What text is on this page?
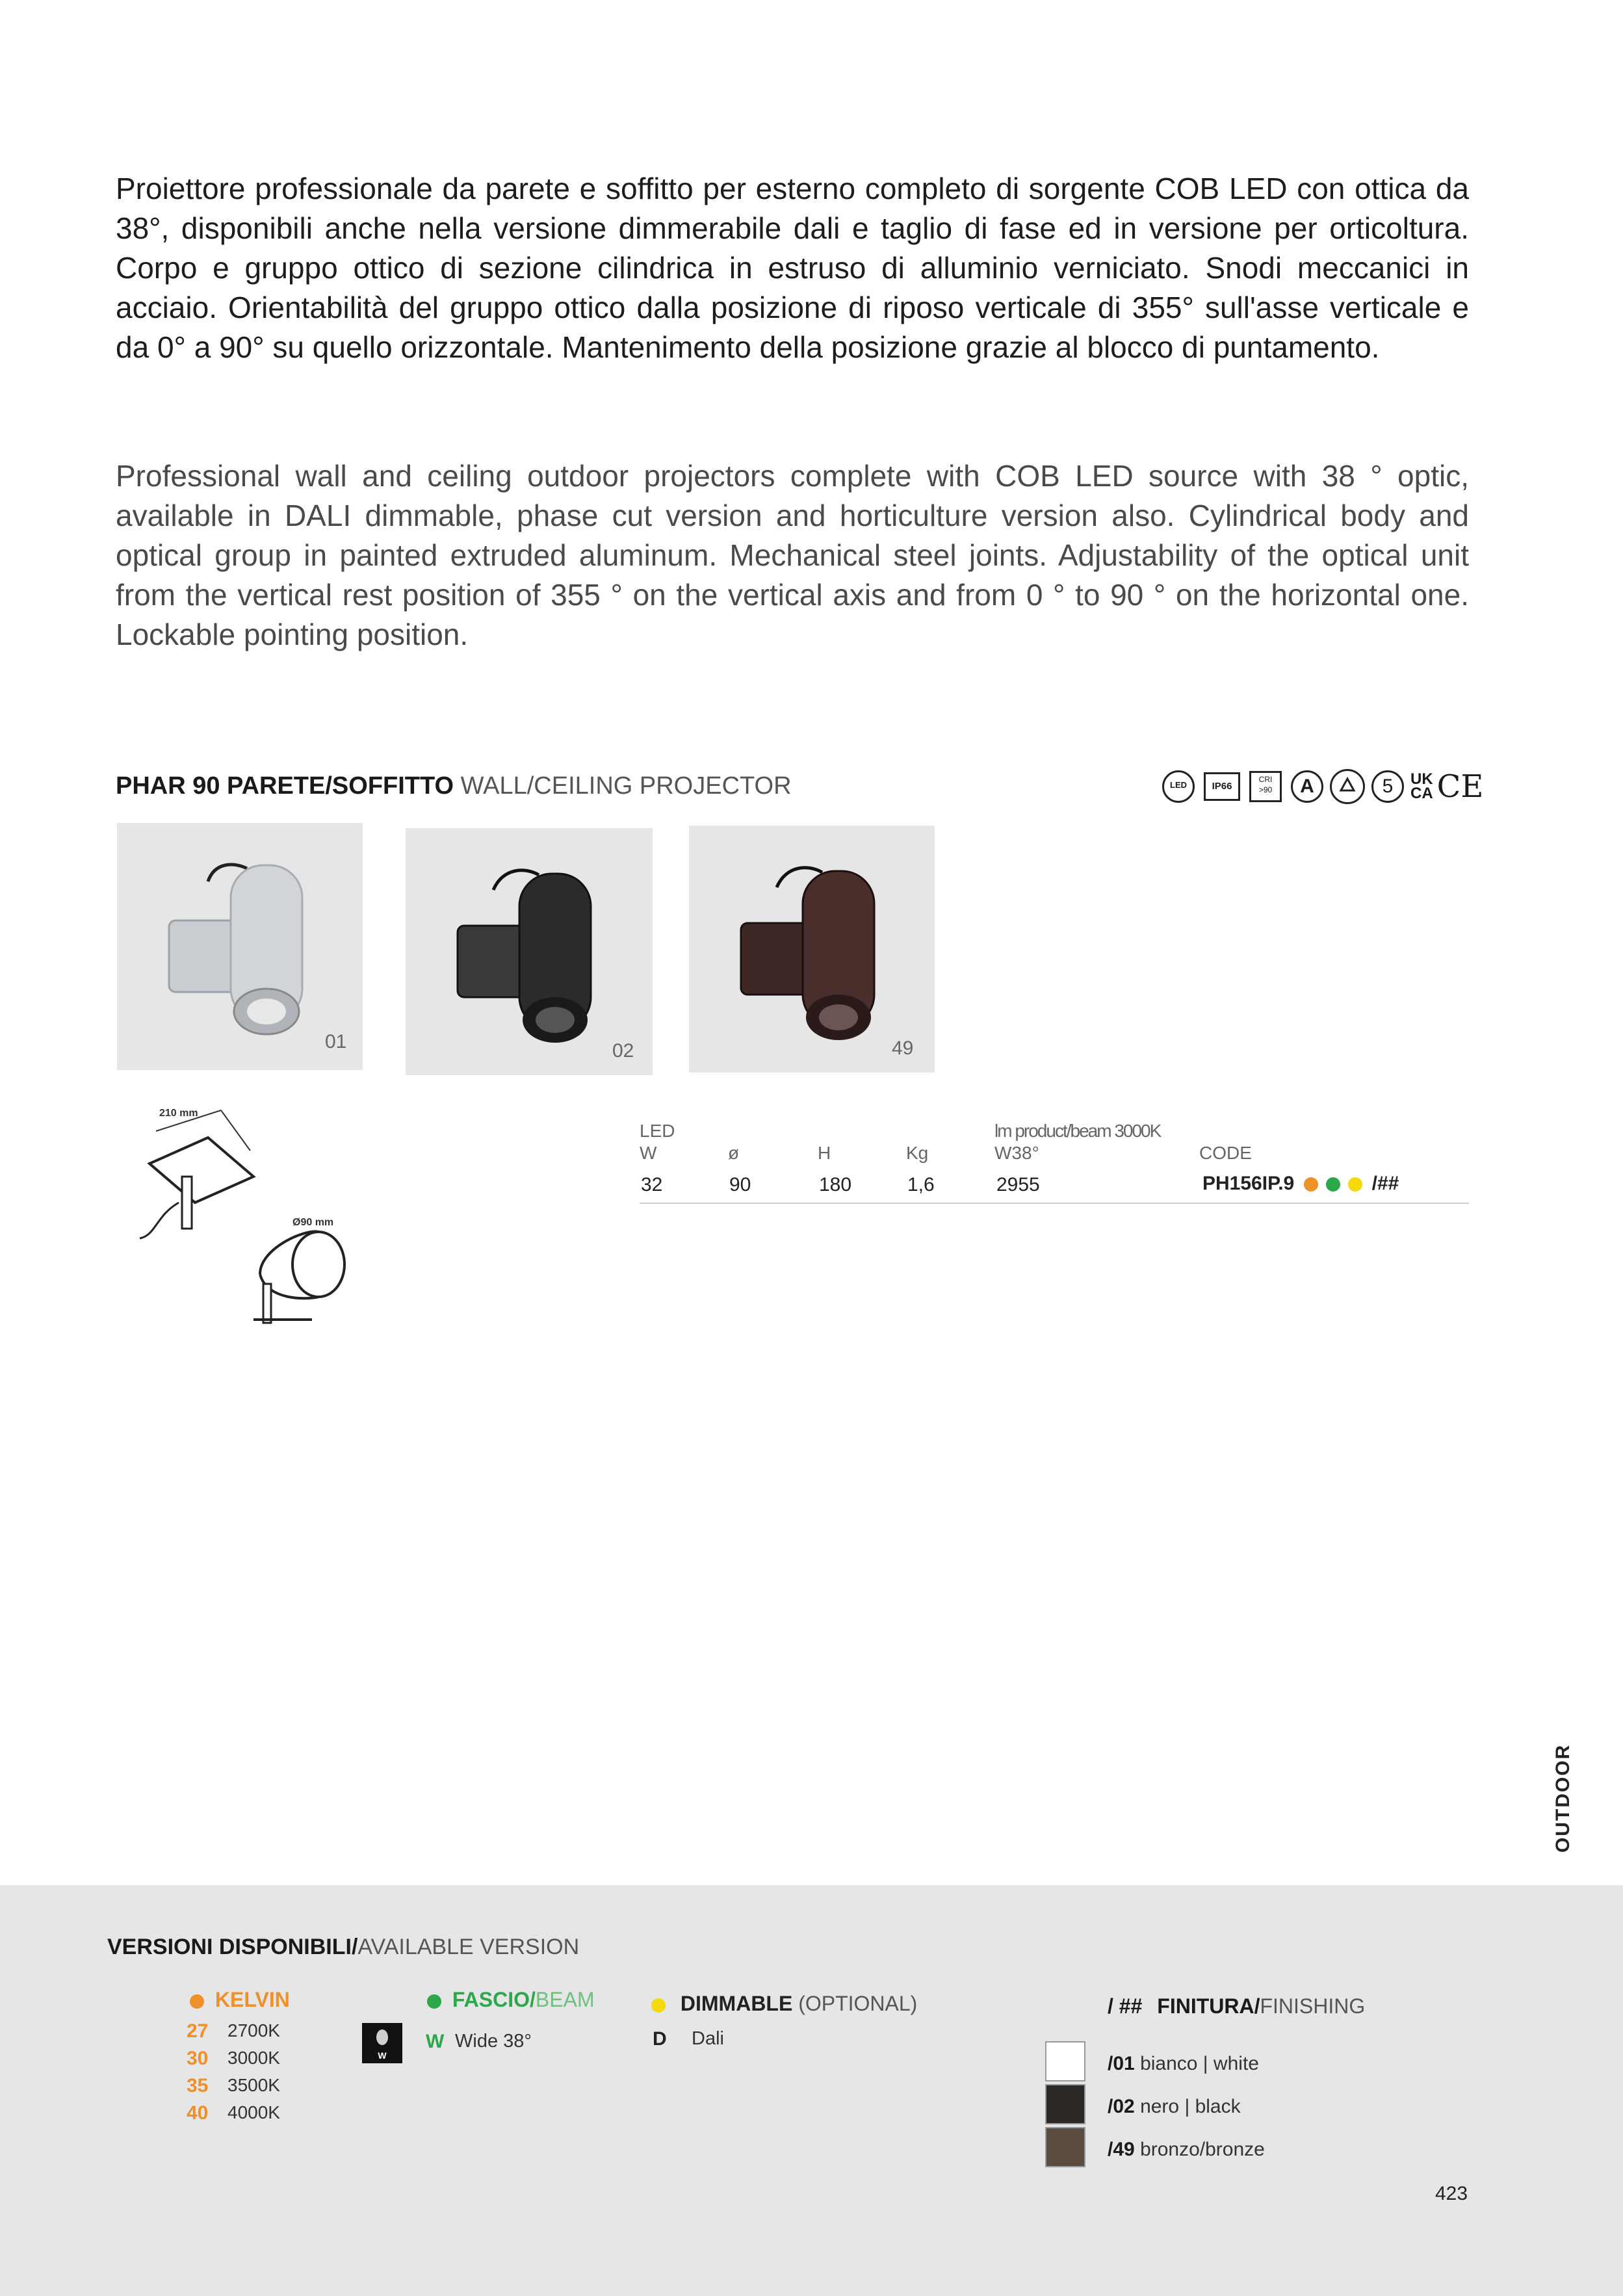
Proiettore professionale da parete e soffitto per esterno completo di sorgente COB LED con ottica da 38°, disponibili anche nella versione dimmerabile dali e taglio di fase ed in versione per orticoltura. Corpo e gruppo ottico di sezione cilindrica in estruso di alluminio verniciato. Snodi meccanici in acciaio. Orientabilità del gruppo ottico dalla posizione di riposo verticale di 355° sull'asse verticale e da 0° a 90° su quello orizzontale. Mantenimento della posizione grazie al blocco di puntamento.
Professional wall and ceiling outdoor projectors complete with COB LED source with 38 ° optic, available in DALI dimmable, phase cut version and horticulture version also. Cylindrical body and optical group in painted extruded aluminum. Mechanical steel joints. Adjustability of the optical unit from the vertical rest position of 355 ° on the vertical axis and from 0 ° to 90 ° on the horizontal one. Lockable pointing position.
PHAR 90 PARETE/SOFFITTO WALL/CEILING PROJECTOR	LED	IP66
CRI
>90	A	5	UK
CA CE
01	02	49
210 mm
Ø90 mm
LED
W	ø	H	Kg
lm product/beam 3000K
W38°	CODE
32	90	180	1,6	2955	PH156IP.9	/##
OUTDOOR
VERSIONI DISPONIBILI/AVAILABLE VERSION
KELVIN
27 2700K
30 3000K
35 3500K
40 4000K
W
FASCIO/BEAM
W Wide 38°
DIMMABLE (OPTIONAL)
D Dali
/ ## FINITURA/FINISHING
/01 bianco | white
/02 nero | black
/49 bronzo/bronze
423
